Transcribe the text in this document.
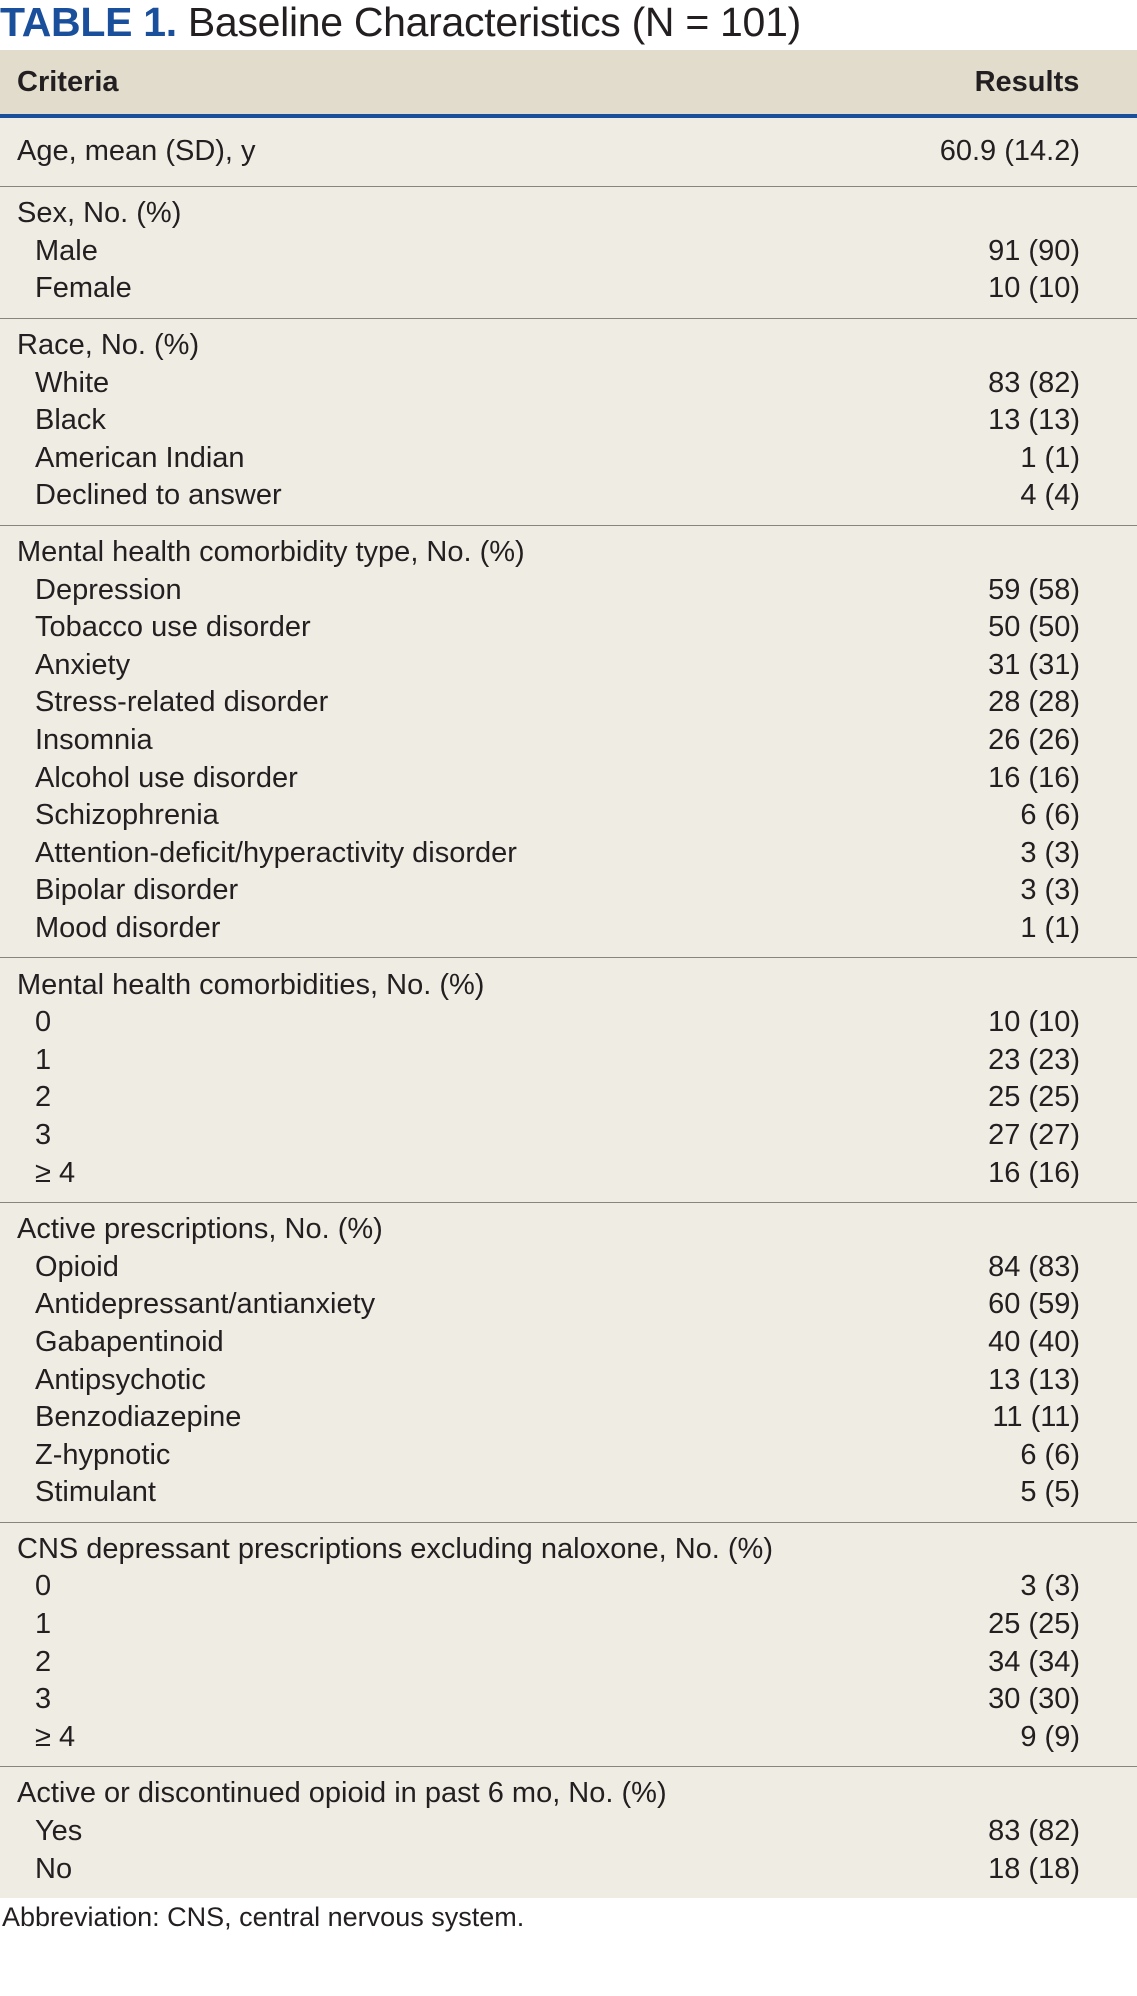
TABLE 1. Baseline Characteristics (N = 101)
Criteria	Results
Age, mean (SD), y	60.9 (14.2)
Sex, No. (%)
Male	91 (90)
Female	10 (10)
Race, No. (%)
White	83 (82)
Black	13 (13)
American Indian	1 (1)
Declined to answer	4 (4)
Mental health comorbidity type, No. (%)
Depression	59 (58)
Tobacco use disorder	50 (50)
Anxiety	31 (31)
Stress-related disorder	28 (28)
Insomnia	26 (26)
Alcohol use disorder	16 (16)
Schizophrenia	6 (6)
Attention-deficit/hyperactivity disorder	3 (3)
Bipolar disorder	3 (3)
Mood disorder	1 (1)
Mental health comorbidities, No. (%)
0	10 (10)
1	23 (23)
2	25 (25)
3	27 (27)
≥ 4	16 (16)
Active prescriptions, No. (%)
Opioid	84 (83)
Antidepressant/antianxiety	60 (59)
Gabapentinoid	40 (40)
Antipsychotic	13 (13)
Benzodiazepine	11 (11)
Z-hypnotic	6 (6)
Stimulant	5 (5)
CNS depressant prescriptions excluding naloxone, No. (%)
0	3 (3)
1	25 (25)
2	34 (34)
3	30 (30)
≥ 4	9 (9)
Active or discontinued opioid in past 6 mo, No. (%)
Yes	83 (82)
No	18 (18)
Abbreviation: CNS, central nervous system.
